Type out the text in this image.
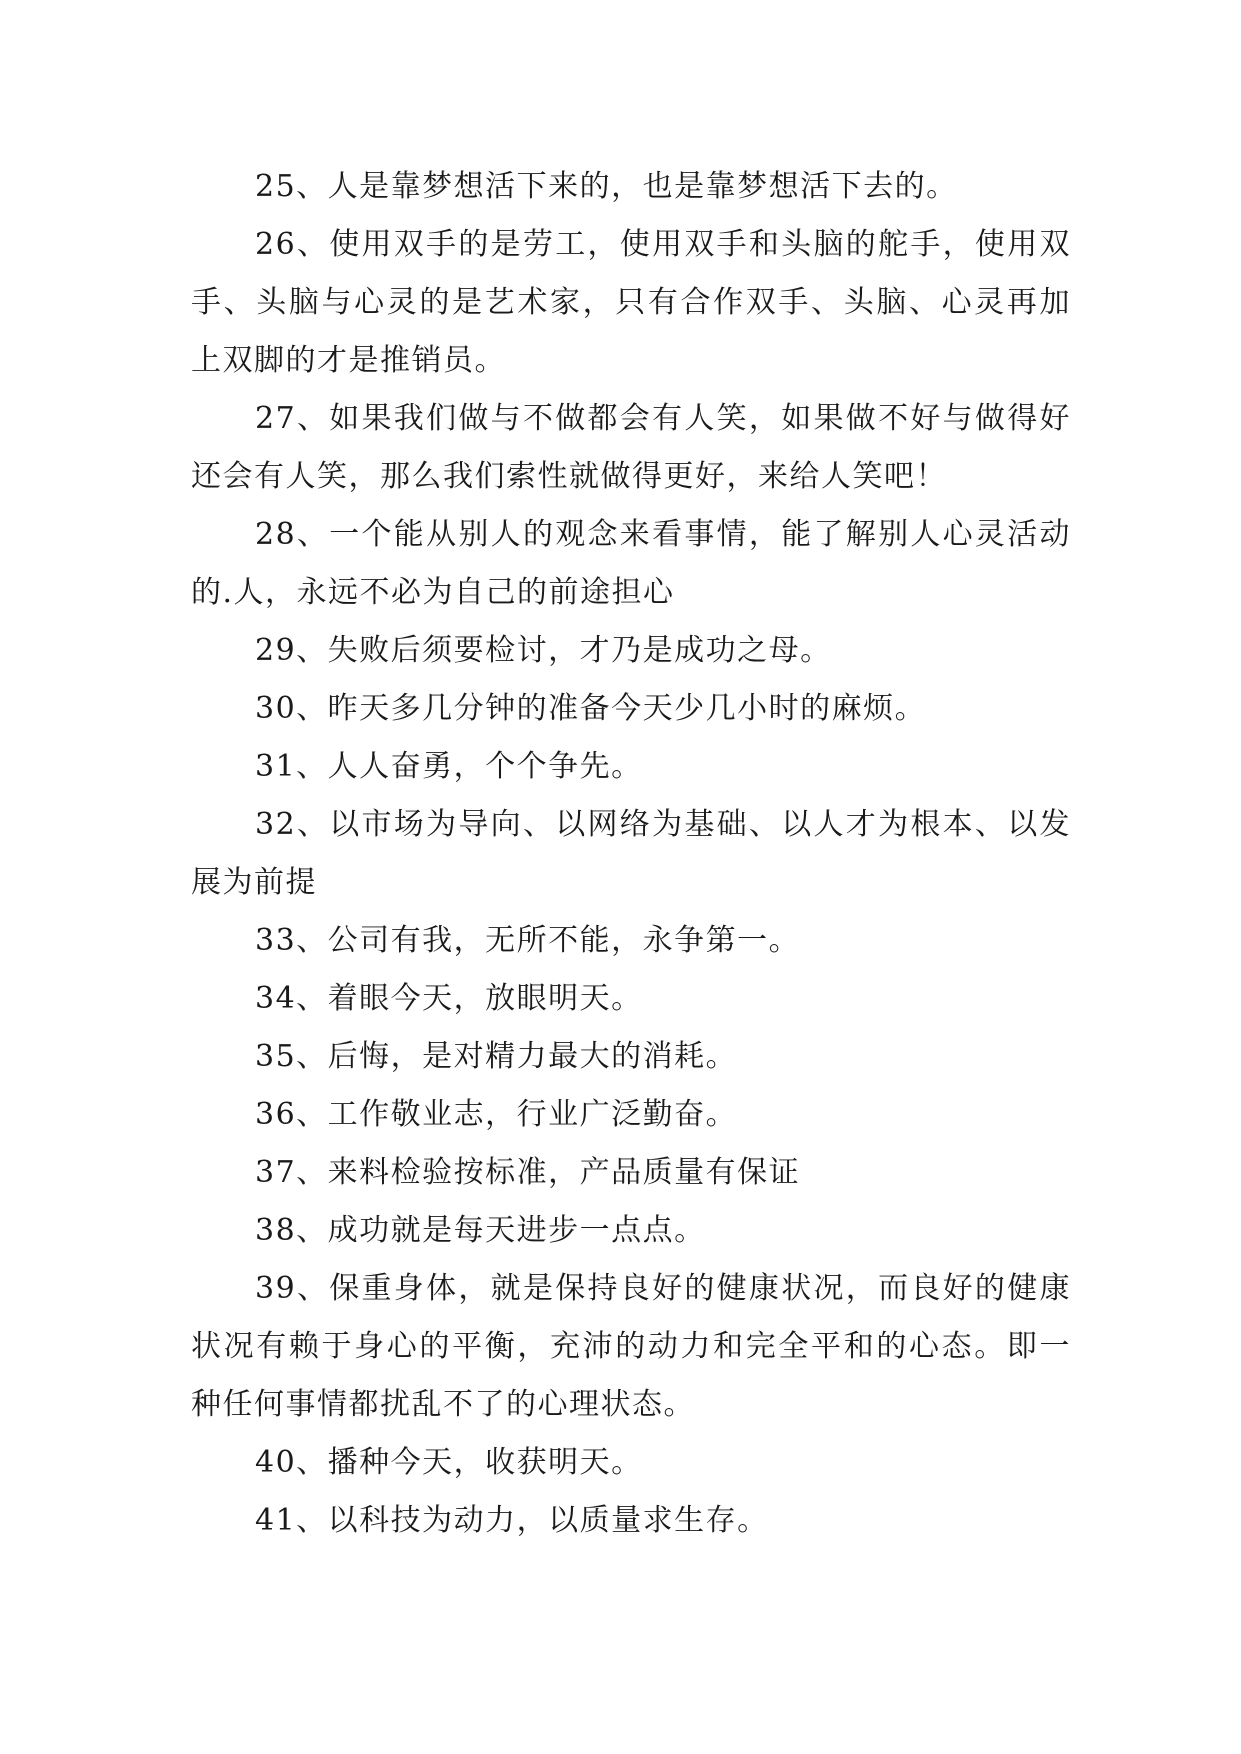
25、人是靠梦想活下来的，也是靠梦想活下去的。

26、使用双手的是劳工，使用双手和头脑的舵手，使用双手、头脑与心灵的是艺术家，只有合作双手、头脑、心灵再加上双脚的才是推销员。

27、如果我们做与不做都会有人笑，如果做不好与做得好还会有人笑，那么我们索性就做得更好，来给人笑吧！

28、一个能从别人的观念来看事情，能了解别人心灵活动的.人，永远不必为自己的前途担心

29、失败后须要检讨，才乃是成功之母。

30、昨天多几分钟的准备今天少几小时的麻烦。

31、人人奋勇，个个争先。

32、以市场为导向、以网络为基础、以人才为根本、以发展为前提

33、公司有我，无所不能，永争第一。

34、着眼今天，放眼明天。

35、后悔，是对精力最大的消耗。

36、工作敬业志，行业广泛勤奋。

37、来料检验按标准，产品质量有保证

38、成功就是每天进步一点点。

39、保重身体，就是保持良好的健康状况，而良好的健康状况有赖于身心的平衡，充沛的动力和完全平和的心态。即一种任何事情都扰乱不了的心理状态。

40、播种今天，收获明天。

41、以科技为动力，以质量求生存。
